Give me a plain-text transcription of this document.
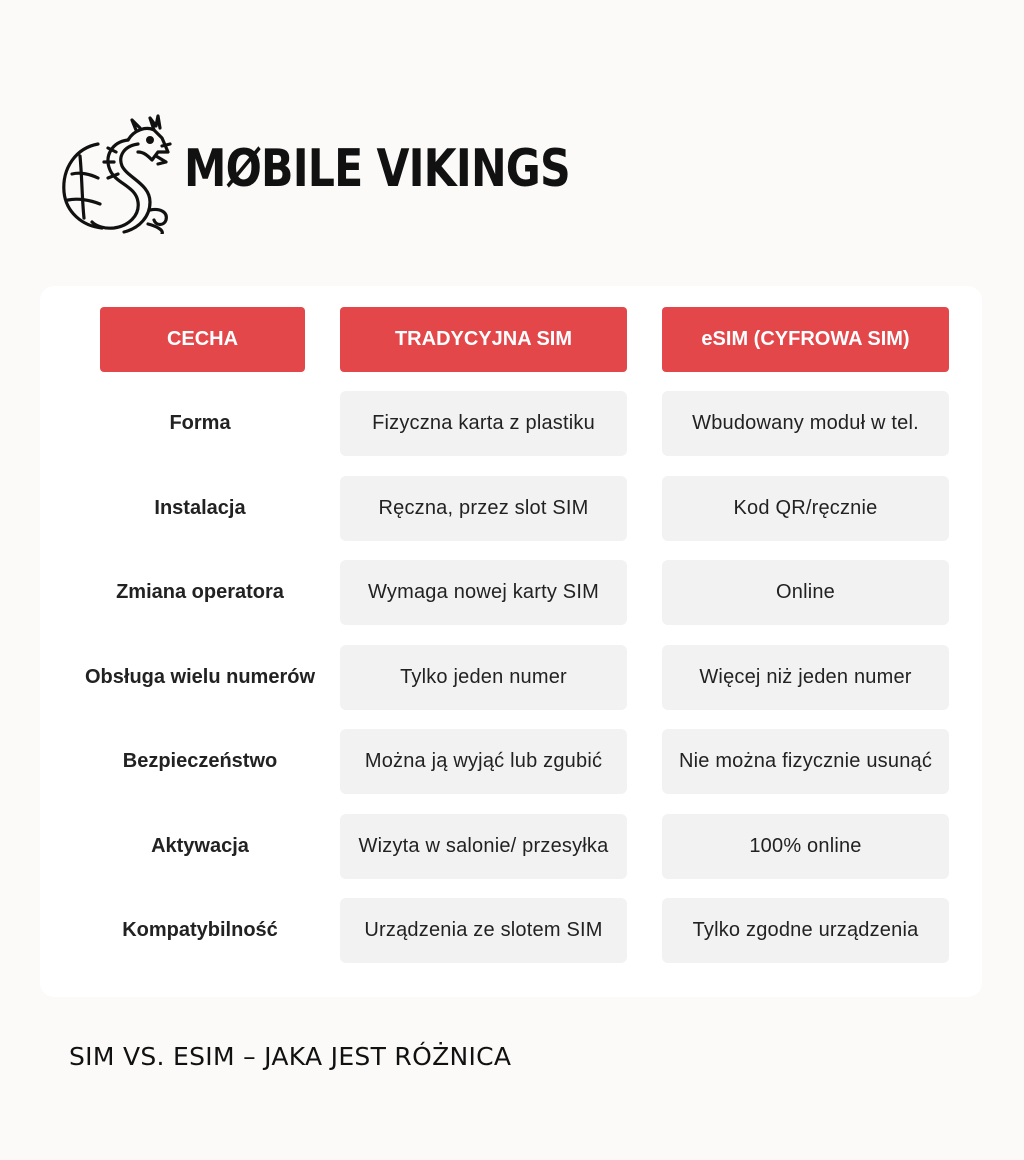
MØBILE VIKINGS
CECHA	TRADYCYJNA SIM	eSIM (CYFROWA SIM)
Forma	Fizyczna karta z plastiku	Wbudowany moduł w tel.
Instalacja	Ręczna, przez slot SIM	Kod QR/ręcznie
Zmiana operatora	Wymaga nowej karty SIM	Online
Obsługa wielu numerów	Tylko jeden numer	Więcej niż jeden numer
Bezpieczeństwo	Można ją wyjąć lub zgubić	Nie można fizycznie usunąć
Aktywacja	Wizyta w salonie/ przesyłka	100% online
Kompatybilność	Urządzenia ze slotem SIM	Tylko zgodne urządzenia
SIM VS. ESIM – JAKA JEST RÓŻNICA
